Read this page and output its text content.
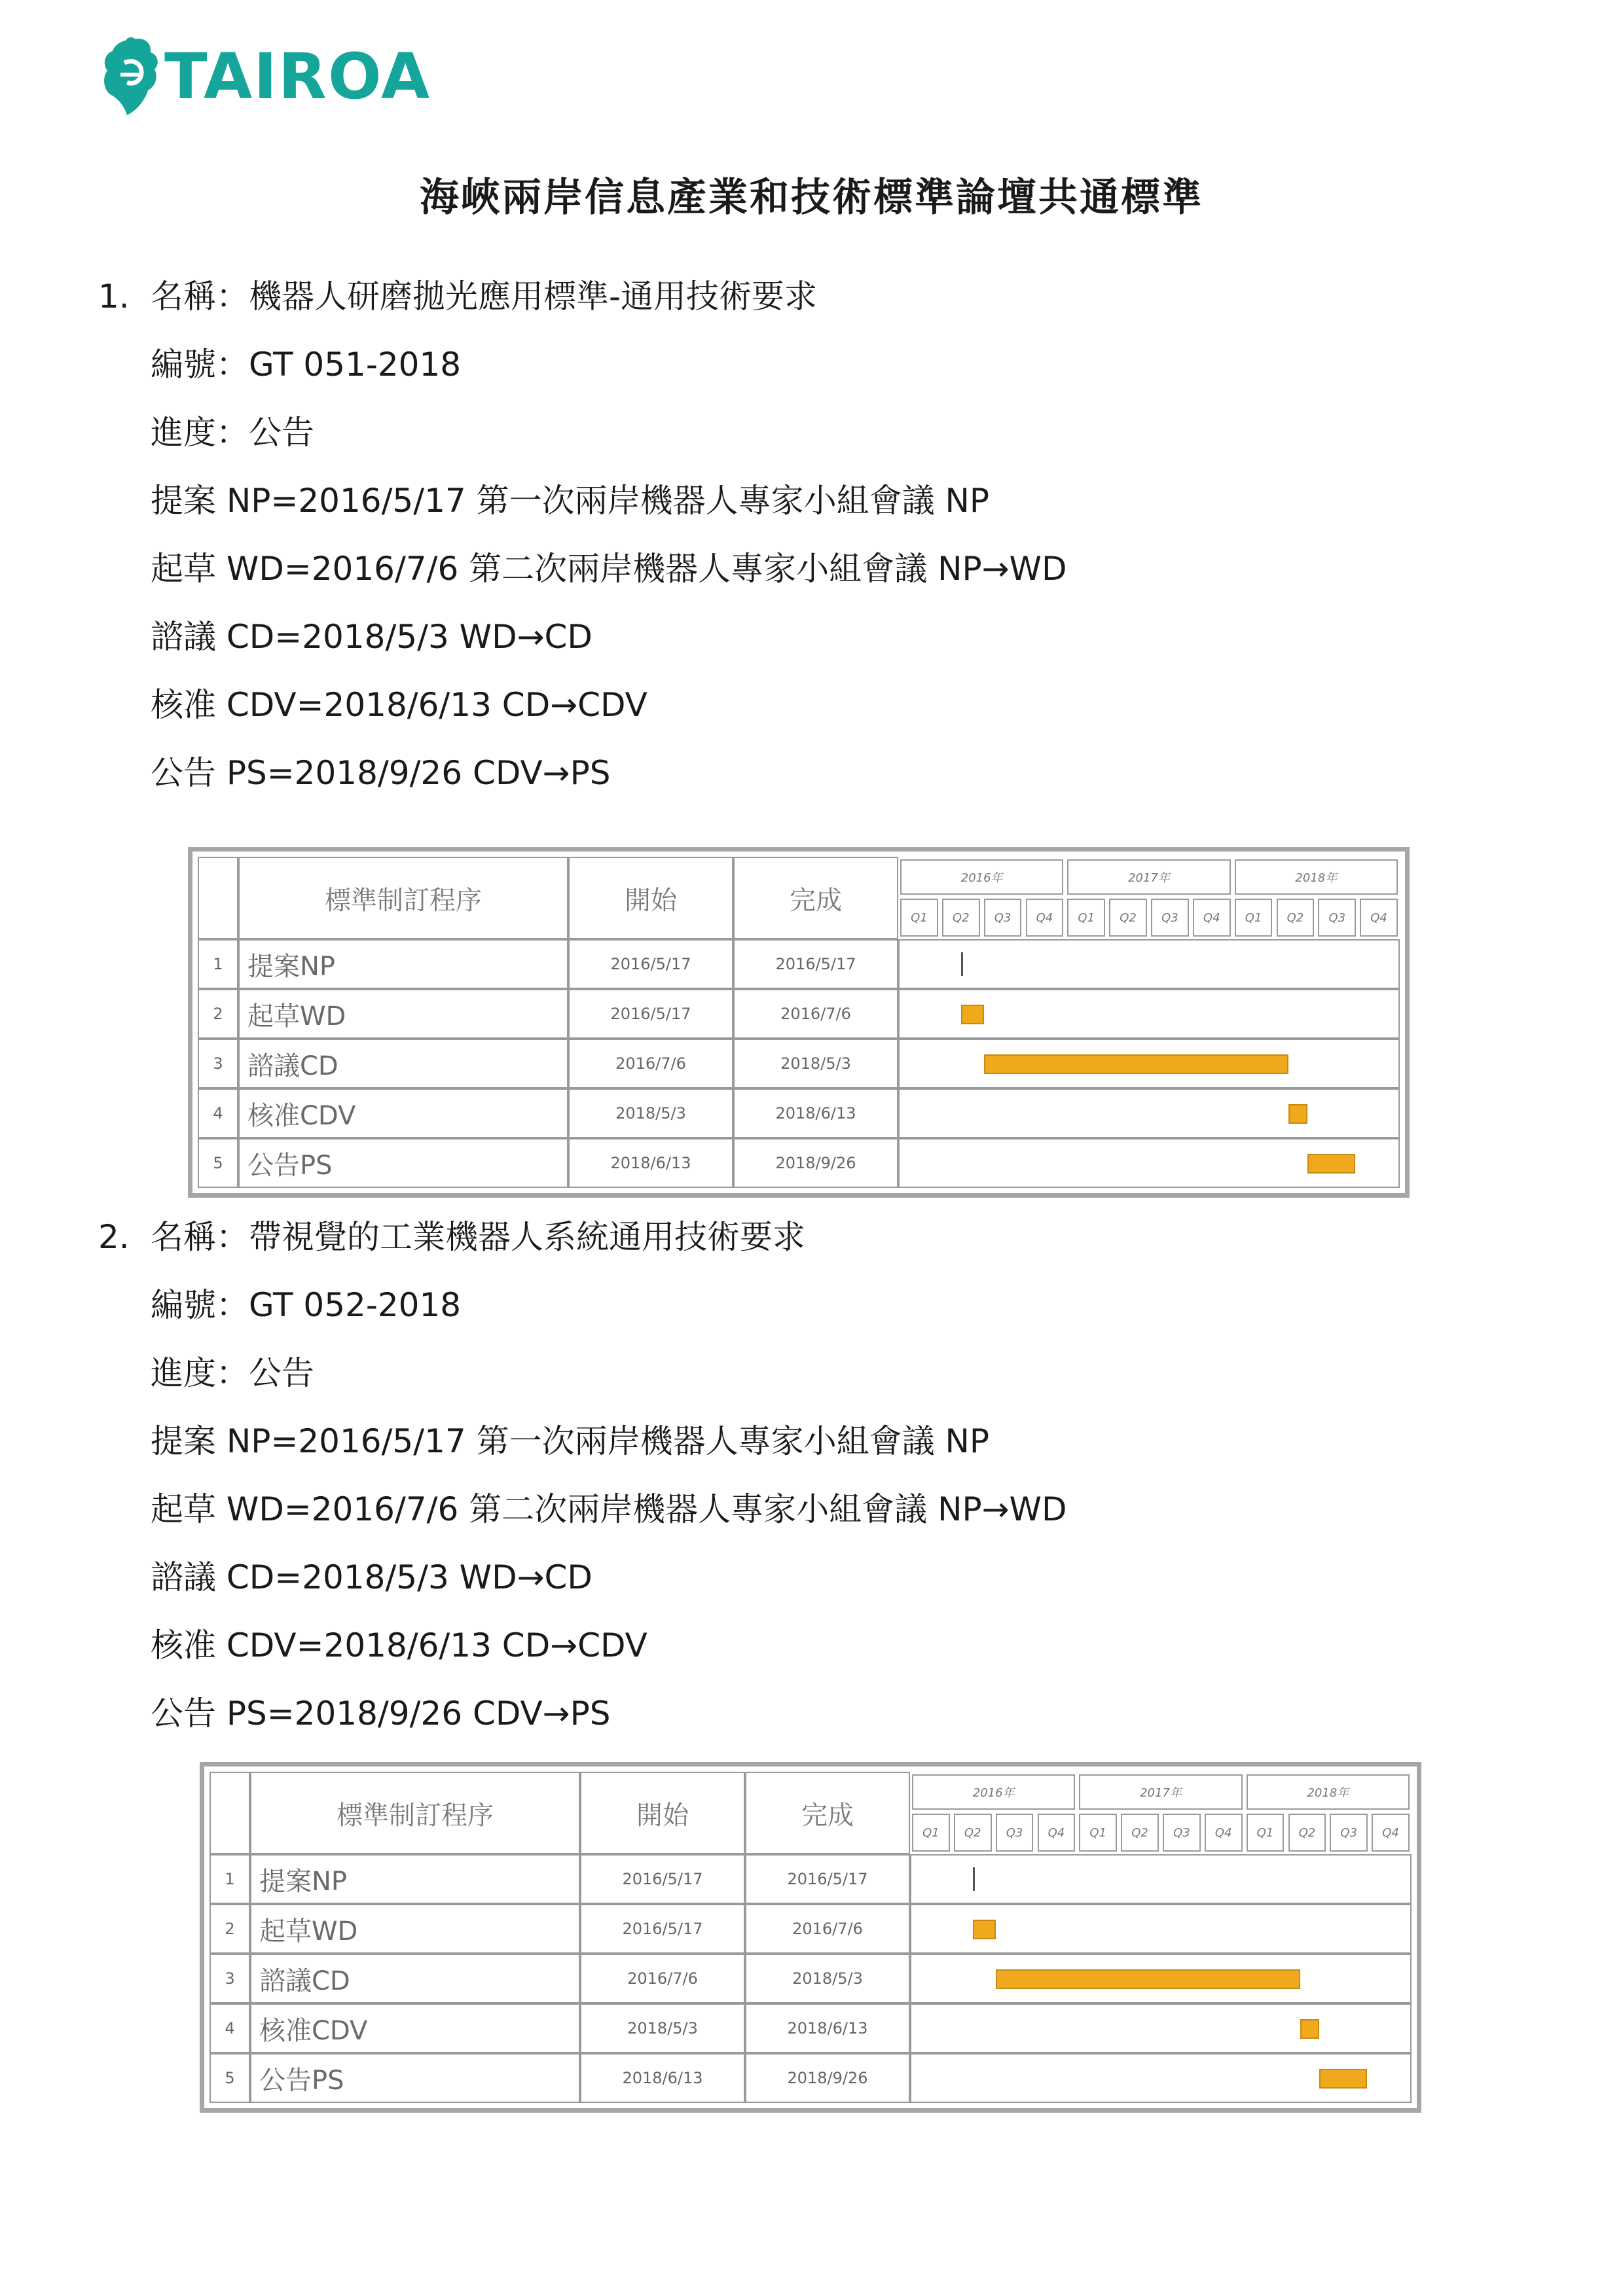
TAIROA
海峽兩岸信息產業和技術標準論壇共通標準
1. 名稱：機器人研磨拋光應用標準-通用技術要求
編號：GT 051-2018
進度：公告
提案 NP=2016/5/17 第一次兩岸機器人專家小組會議 NP
起草 WD=2016/7/6 第二次兩岸機器人專家小組會議 NP→WD
諮議 CD=2018/5/3 WD→CD
核准 CDV=2018/6/13 CD→CDV
公告 PS=2018/9/26 CDV→PS
標準制訂程序	開始	完成
2016年
Q1	Q2	Q3	Q4
2017年
Q1	Q2	Q3	Q4
2018年
Q1	Q2	Q3	Q4
1 提案NP	2016/5/17	2016/5/17
2 起草WD	2016/5/17	2016/7/6
3 諮議CD	2016/7/6	2018/5/3
4 核准CDV	2018/5/3	2018/6/13
5 公告PS	2018/6/13	2018/9/26
2. 名稱：帶視覺的工業機器人系統通用技術要求
編號：GT 052-2018
進度：公告
提案 NP=2016/5/17 第一次兩岸機器人專家小組會議 NP
起草 WD=2016/7/6 第二次兩岸機器人專家小組會議 NP→WD
諮議 CD=2018/5/3 WD→CD
核准 CDV=2018/6/13 CD→CDV
公告 PS=2018/9/26 CDV→PS
標準制訂程序	開始	完成
2016年
Q1	Q2	Q3	Q4
2017年
Q1	Q2	Q3	Q4
2018年
Q1	Q2	Q3	Q4
1 提案NP	2016/5/17	2016/5/17
2 起草WD	2016/5/17	2016/7/6
3 諮議CD	2016/7/6	2018/5/3
4 核准CDV	2018/5/3	2018/6/13
5 公告PS	2018/6/13	2018/9/26
